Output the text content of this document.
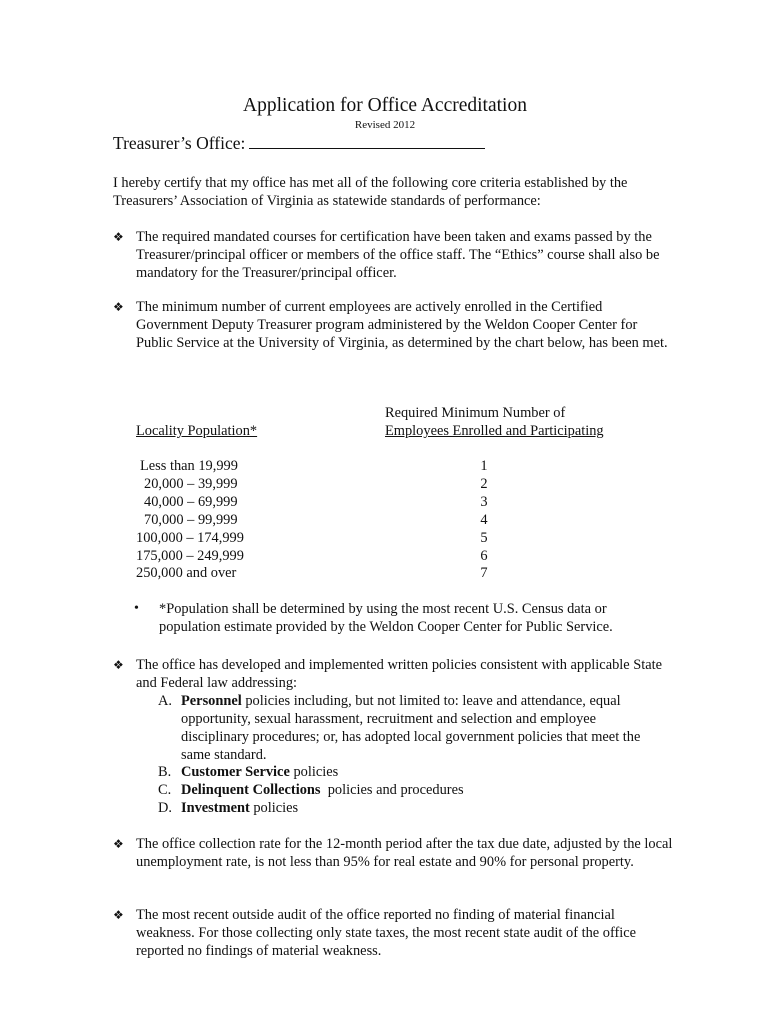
Application for Office Accreditation
Revised 2012
Treasurer’s Office:
I hereby certify that my office has met all of the following core criteria established by the Treasurers’ Association of Virginia as statewide standards of performance:
❖ The required mandated courses for certification have been taken and exams passed by the Treasurer/principal officer or members of the office staff. The “Ethics” course shall also be mandatory for the Treasurer/principal officer.
❖ The minimum number of current employees are actively enrolled in the Certified Government Deputy Treasurer program administered by the Weldon Cooper Center for Public Service at the University of Virginia, as determined by the chart below, has been met.
Required Minimum Number of
Employees Enrolled and Participating
Locality Population*
Less than 19,999
20,000 – 39,999
40,000 – 69,999
70,000 – 99,999
100,000 – 174,999
175,000 – 249,999
250,000 and over
1
2
3
4
5
6
7
• *Population shall be determined by using the most recent U.S. Census data or population estimate provided by the Weldon Cooper Center for Public Service.
❖ The office has developed and implemented written policies consistent with applicable State and Federal law addressing:
A. Personnel policies including, but not limited to: leave and attendance, equal opportunity, sexual harassment, recruitment and selection and employee disciplinary procedures; or, has adopted local government policies that meet the same standard.
B. Customer Service policies
C. Delinquent Collections  policies and procedures
D. Investment policies
❖ The office collection rate for the 12-month period after the tax due date, adjusted by the local unemployment rate, is not less than 95% for real estate and 90% for personal property.
❖ The most recent outside audit of the office reported no finding of material financial weakness. For those collecting only state taxes, the most recent state audit of the office reported no findings of material weakness.
